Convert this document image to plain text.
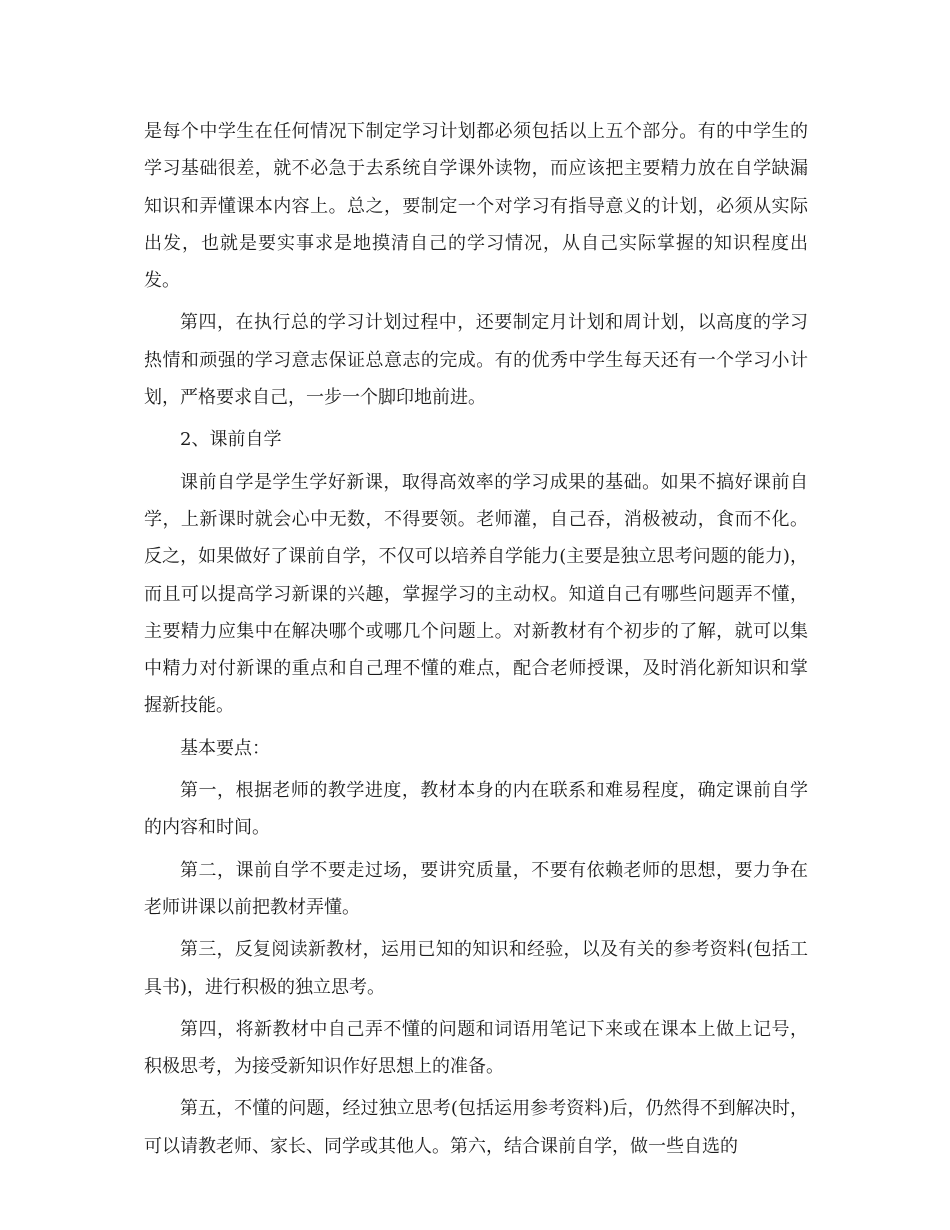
是每个中学生在任何情况下制定学习计划都必须包括以上五个部分。有的中学生的学习基础很差，就不必急于去系统自学课外读物，而应该把主要精力放在自学缺漏知识和弄懂课本内容上。总之，要制定一个对学习有指导意义的计划，必须从实际出发，也就是要实事求是地摸清自己的学习情况，从自己实际掌握的知识程度出发。

第四，在执行总的学习计划过程中，还要制定月计划和周计划，以高度的学习热情和顽强的学习意志保证总意志的完成。有的优秀中学生每天还有一个学习小计划，严格要求自己，一步一个脚印地前进。

2、课前自学

课前自学是学生学好新课，取得高效率的学习成果的基础。如果不搞好课前自学，上新课时就会心中无数，不得要领。老师灌，自己吞，消极被动，食而不化。反之，如果做好了课前自学，不仅可以培养自学能力(主要是独立思考问题的能力)，而且可以提高学习新课的兴趣，掌握学习的主动权。知道自己有哪些问题弄不懂，主要精力应集中在解决哪个或哪几个问题上。对新教材有个初步的了解，就可以集中精力对付新课的重点和自己理不懂的难点，配合老师授课，及时消化新知识和掌握新技能。

基本要点：

第一，根据老师的教学进度，教材本身的内在联系和难易程度，确定课前自学的内容和时间。

第二，课前自学不要走过场，要讲究质量，不要有依赖老师的思想，要力争在老师讲课以前把教材弄懂。

第三，反复阅读新教材，运用已知的知识和经验，以及有关的参考资料(包括工具书)，进行积极的独立思考。

第四，将新教材中自己弄不懂的问题和词语用笔记下来或在课本上做上记号，积极思考，为接受新知识作好思想上的准备。

第五，不懂的问题，经过独立思考(包括运用参考资料)后，仍然得不到解决时，可以请教老师、家长、同学或其他人。第六，结合课前自学，做一些自选的
